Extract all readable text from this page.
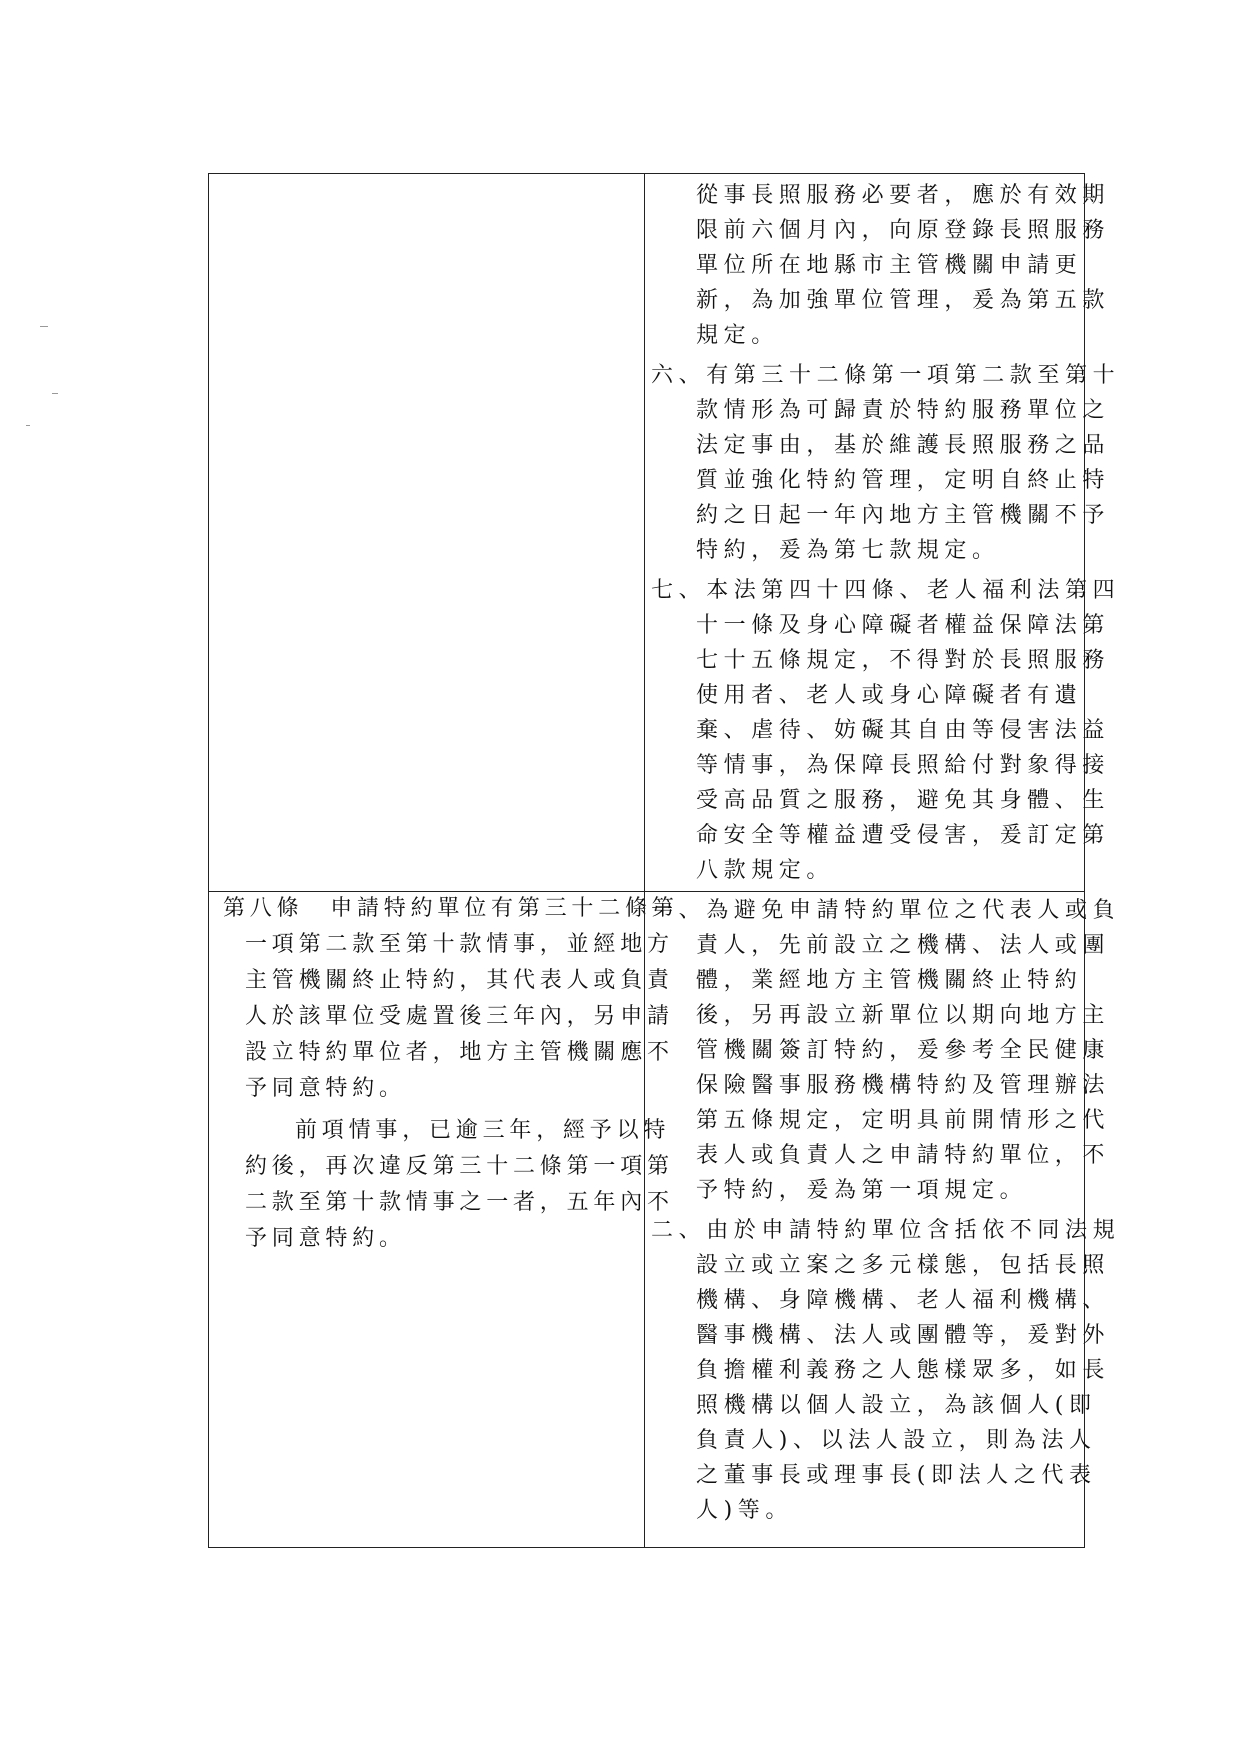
從事長照服務必要者，應於有效期
限前六個月內，向原登錄長照服務
單位所在地縣市主管機關申請更
新，為加強單位管理，爰為第五款
規定。
六、有第三十二條第一項第二款至第十
款情形為可歸責於特約服務單位之
法定事由，基於維護長照服務之品
質並強化特約管理，定明自終止特
約之日起一年內地方主管機關不予
特約，爰為第七款規定。
七、本法第四十四條、老人福利法第四
十一條及身心障礙者權益保障法第
七十五條規定，不得對於長照服務
使用者、老人或身心障礙者有遺
棄、虐待、妨礙其自由等侵害法益
等情事，為保障長照給付對象得接
受高品質之服務，避免其身體、生
命安全等權益遭受侵害，爰訂定第
八款規定。
第八條　申請特約單位有第三十二條第
一項第二款至第十款情事，並經地方
主管機關終止特約，其代表人或負責
人於該單位受處置後三年內，另申請
設立特約單位者，地方主管機關應不
予同意特約。
前項情事，已逾三年，經予以特
約後，再次違反第三十二條第一項第
二款至第十款情事之一者，五年內不
予同意特約。
一、為避免申請特約單位之代表人或負
責人，先前設立之機構、法人或團
體，業經地方主管機關終止特約
後，另再設立新單位以期向地方主
管機關簽訂特約，爰參考全民健康
保險醫事服務機構特約及管理辦法
第五條規定，定明具前開情形之代
表人或負責人之申請特約單位，不
予特約，爰為第一項規定。
二、由於申請特約單位含括依不同法規
設立或立案之多元樣態，包括長照
機構、身障機構、老人福利機構、
醫事機構、法人或團體等，爰對外
負擔權利義務之人態樣眾多，如長
照機構以個人設立，為該個人(即
負責人)、以法人設立，則為法人
之董事長或理事長(即法人之代表
人)等。
